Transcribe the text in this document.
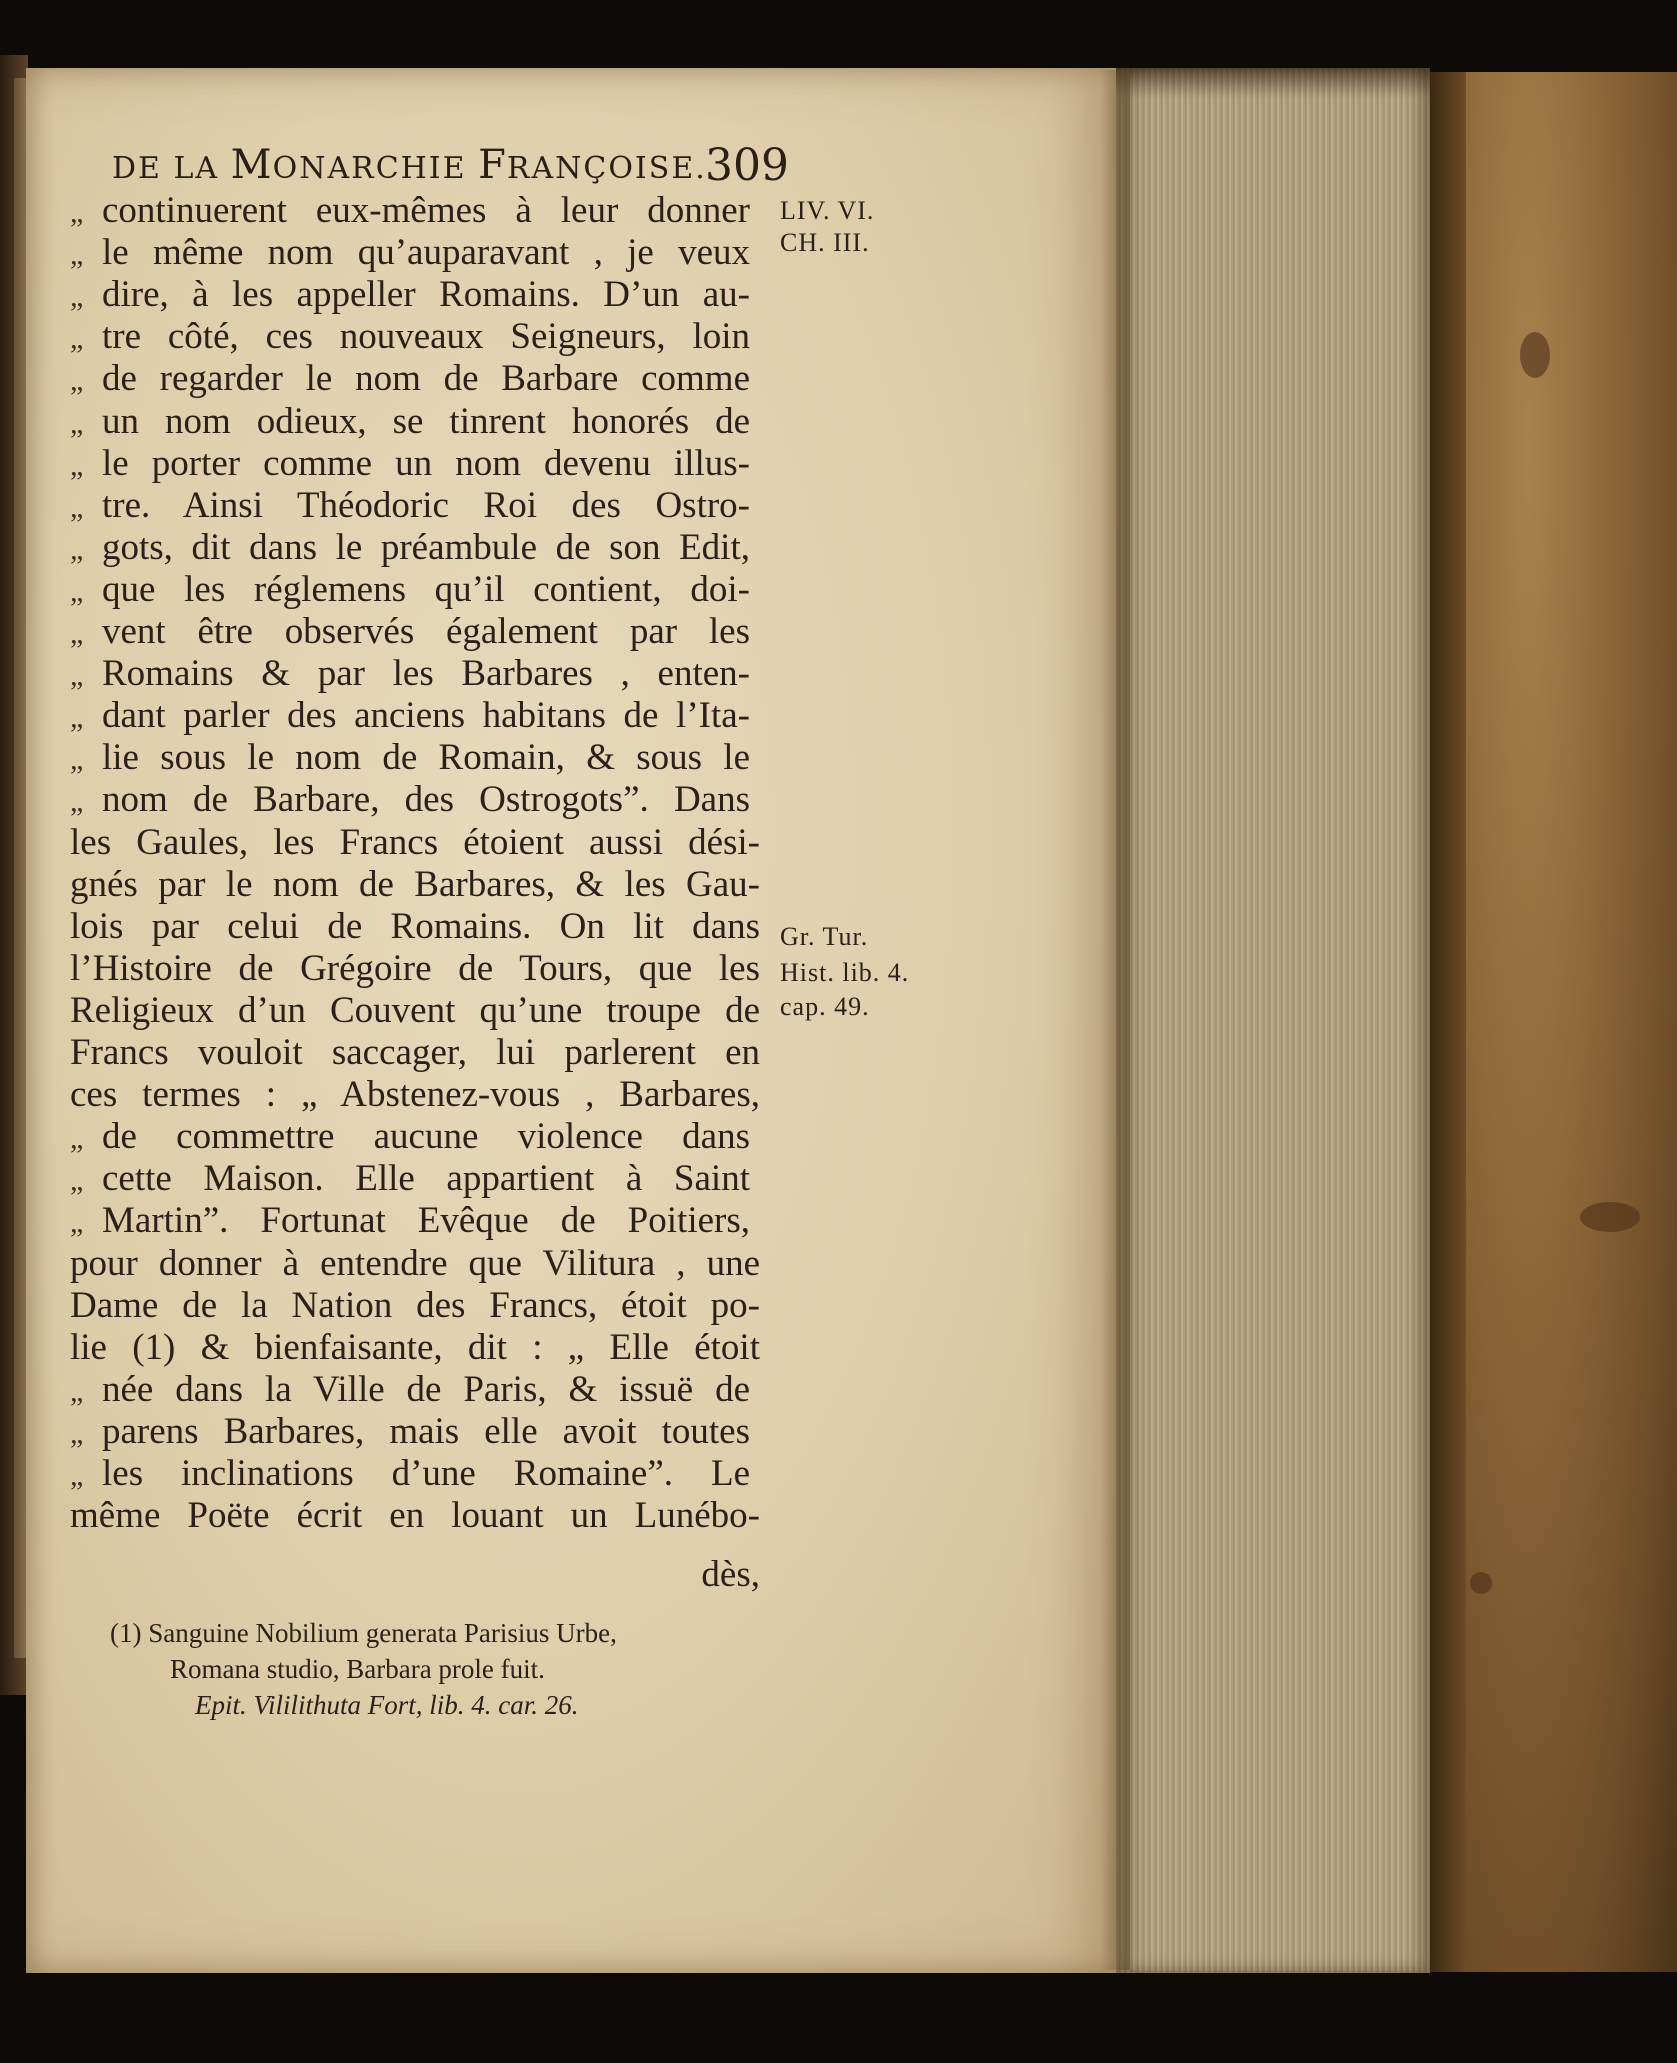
DE LA MONARCHIE FRANÇOISE.
309
LIV. VI.
CH. III.
Gr. Tur.
Hist. lib. 4.
cap. 49.
„ continuerent eux-mêmes à leur donner
„ le même nom qu’auparavant , je veux
„ dire, à les appeller Romains. D’un au-
„ tre côté, ces nouveaux Seigneurs, loin
„ de regarder le nom de Barbare comme
„ un nom odieux, se tinrent honorés de
„ le porter comme un nom devenu illus-
„ tre. Ainsi Théodoric Roi des Ostro-
„ gots, dit dans le préambule de son Edit,
„ que les réglemens qu’il contient, doi-
„ vent être observés également par les
„ Romains & par les Barbares , enten-
„ dant parler des anciens habitans de l’Ita-
„ lie sous le nom de Romain, & sous le
„ nom de Barbare, des Ostrogots”. Dans
les Gaules, les Francs étoient aussi dési-
gnés par le nom de Barbares, & les Gau-
lois par celui de Romains. On lit dans
l’Histoire de Grégoire de Tours, que les
Religieux d’un Couvent qu’une troupe de
Francs vouloit saccager, lui parlerent en
ces termes : „ Abstenez-vous , Barbares,
„ de commettre aucune violence dans
„ cette Maison. Elle appartient à Saint
„ Martin”. Fortunat Evêque de Poitiers,
pour donner à entendre que Vilitura , une
Dame de la Nation des Francs, étoit po-
lie (1) & bienfaisante, dit : „ Elle étoit
„ née dans la Ville de Paris, & issuë de
„ parens Barbares, mais elle avoit toutes
„ les inclinations d’une Romaine”. Le
même Poëte écrit en louant un Lunébo-
dès,
(1) Sanguine Nobilium generata Parisius Urbe,
Romana studio, Barbara prole fuit.
Epit. Vililithuta Fort, lib. 4. car. 26.
